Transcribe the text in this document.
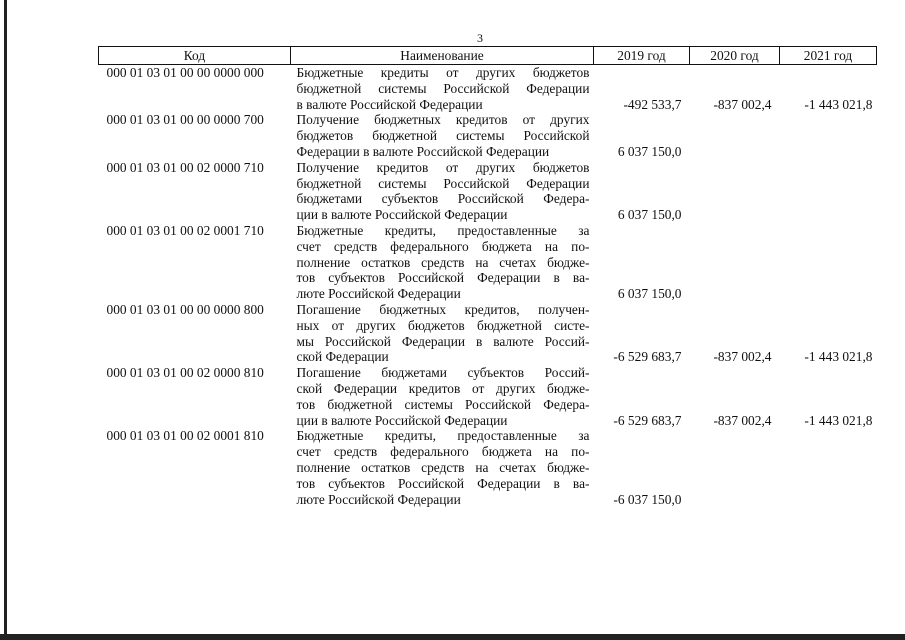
3
Код	Наименование	2019 год	2020 год	2021 год
000 01 03 01 00 00 0000 000	Бюджетные кредиты от других бюджетов
бюджетной системы Российской Федерации
в валюте Российской Федерации	-492 533,7	-837 002,4	-1 443 021,8
000 01 03 01 00 00 0000 700	Получение бюджетных кредитов от других
бюджетов бюджетной системы Российской
Федерации в валюте Российской Федерации	6 037 150,0		
000 01 03 01 00 02 0000 710	Получение кредитов от других бюджетов
бюджетной системы Российской Федерации
бюджетами субъектов Российской Федера-
ции в валюте Российской Федерации	6 037 150,0		
000 01 03 01 00 02 0001 710	Бюджетные кредиты, предоставленные за
счет средств федерального бюджета на по-
полнение остатков средств на счетах бюдже-
тов субъектов Российской Федерации в ва-
люте Российской Федерации	6 037 150,0		
000 01 03 01 00 00 0000 800	Погашение бюджетных кредитов, получен-
ных от других бюджетов бюджетной систе-
мы Российской Федерации в валюте Россий-
ской Федерации	-6 529 683,7	-837 002,4	-1 443 021,8
000 01 03 01 00 02 0000 810	Погашение бюджетами субъектов Россий-
ской Федерации кредитов от других бюдже-
тов бюджетной системы Российской Федера-
ции в валюте Российской Федерации	-6 529 683,7	-837 002,4	-1 443 021,8
000 01 03 01 00 02 0001 810	Бюджетные кредиты, предоставленные за
счет средств федерального бюджета на по-
полнение остатков средств на счетах бюдже-
тов субъектов Российской Федерации в ва-
люте Российской Федерации	-6 037 150,0		
